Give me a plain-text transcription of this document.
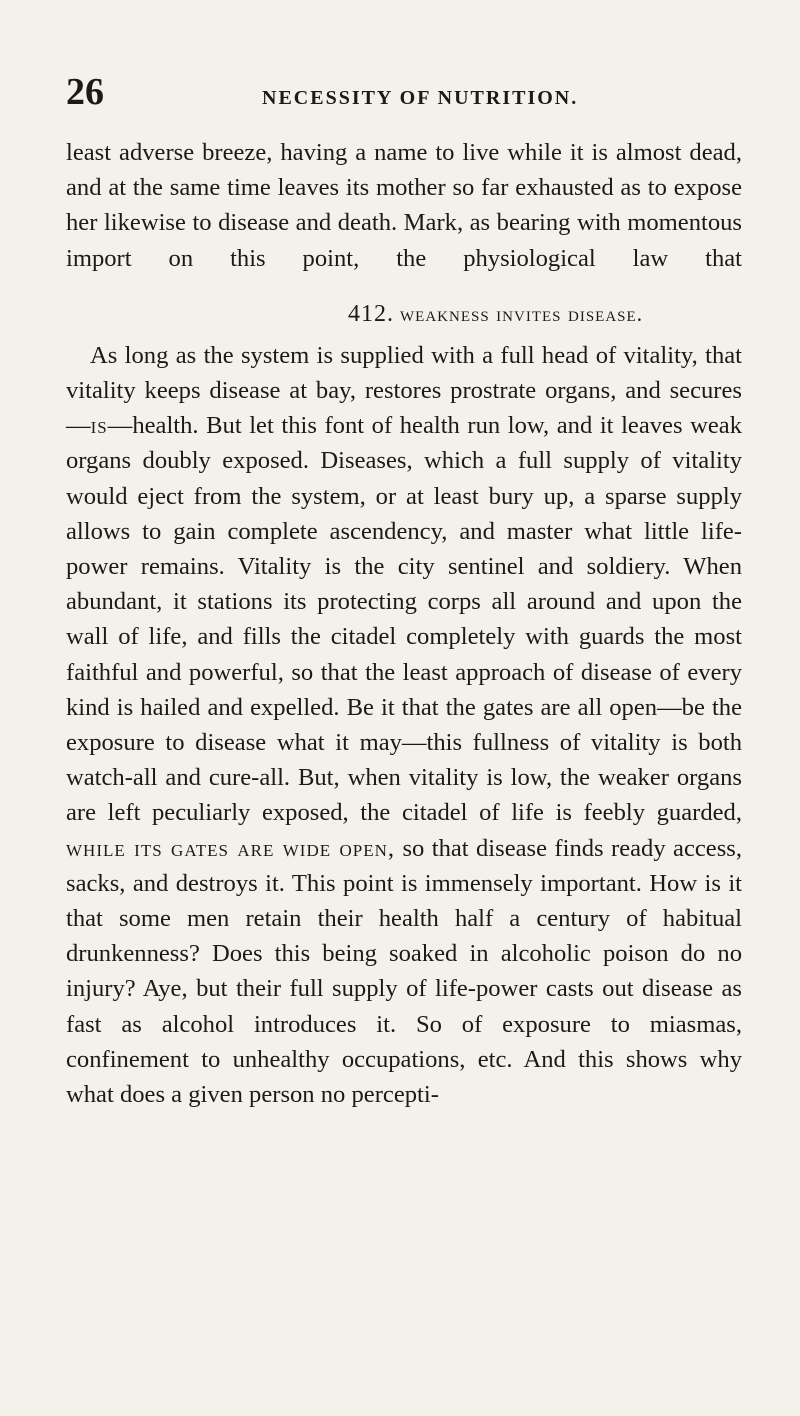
26	NECESSITY OF NUTRITION.

least adverse breeze, having a name to live while it is almost dead, and at the same time leaves its mother so far exhausted as to expose her likewise to disease and death. Mark, as bearing with momentous import on this point, the physiological law that

412. weakness invites disease.

As long as the system is supplied with a full head of vitality, that vitality keeps disease at bay, restores prostrate organs, and secures—is—health. But let this font of health run low, and it leaves weak organs doubly exposed. Diseases, which a full supply of vitality would eject from the system, or at least bury up, a sparse supply allows to gain complete ascendency, and master what little life-power remains. Vitality is the city sentinel and soldiery. When abundant, it stations its protecting corps all around and upon the wall of life, and fills the citadel completely with guards the most faithful and powerful, so that the least approach of disease of every kind is hailed and expelled. Be it that the gates are all open—be the exposure to disease what it may—this fullness of vitality is both watch-all and cure-all. But, when vitality is low, the weaker organs are left peculiarly exposed, the citadel of life is feebly guarded, while its gates are wide open, so that disease finds ready access, sacks, and destroys it. This point is immensely important. How is it that some men retain their health half a century of habitual drunkenness? Does this being soaked in alcoholic poison do no injury? Aye, but their full supply of life-power casts out disease as fast as alcohol introduces it. So of exposure to miasmas, confinement to unhealthy occupations, etc. And this shows why what does a given person no percepti-
